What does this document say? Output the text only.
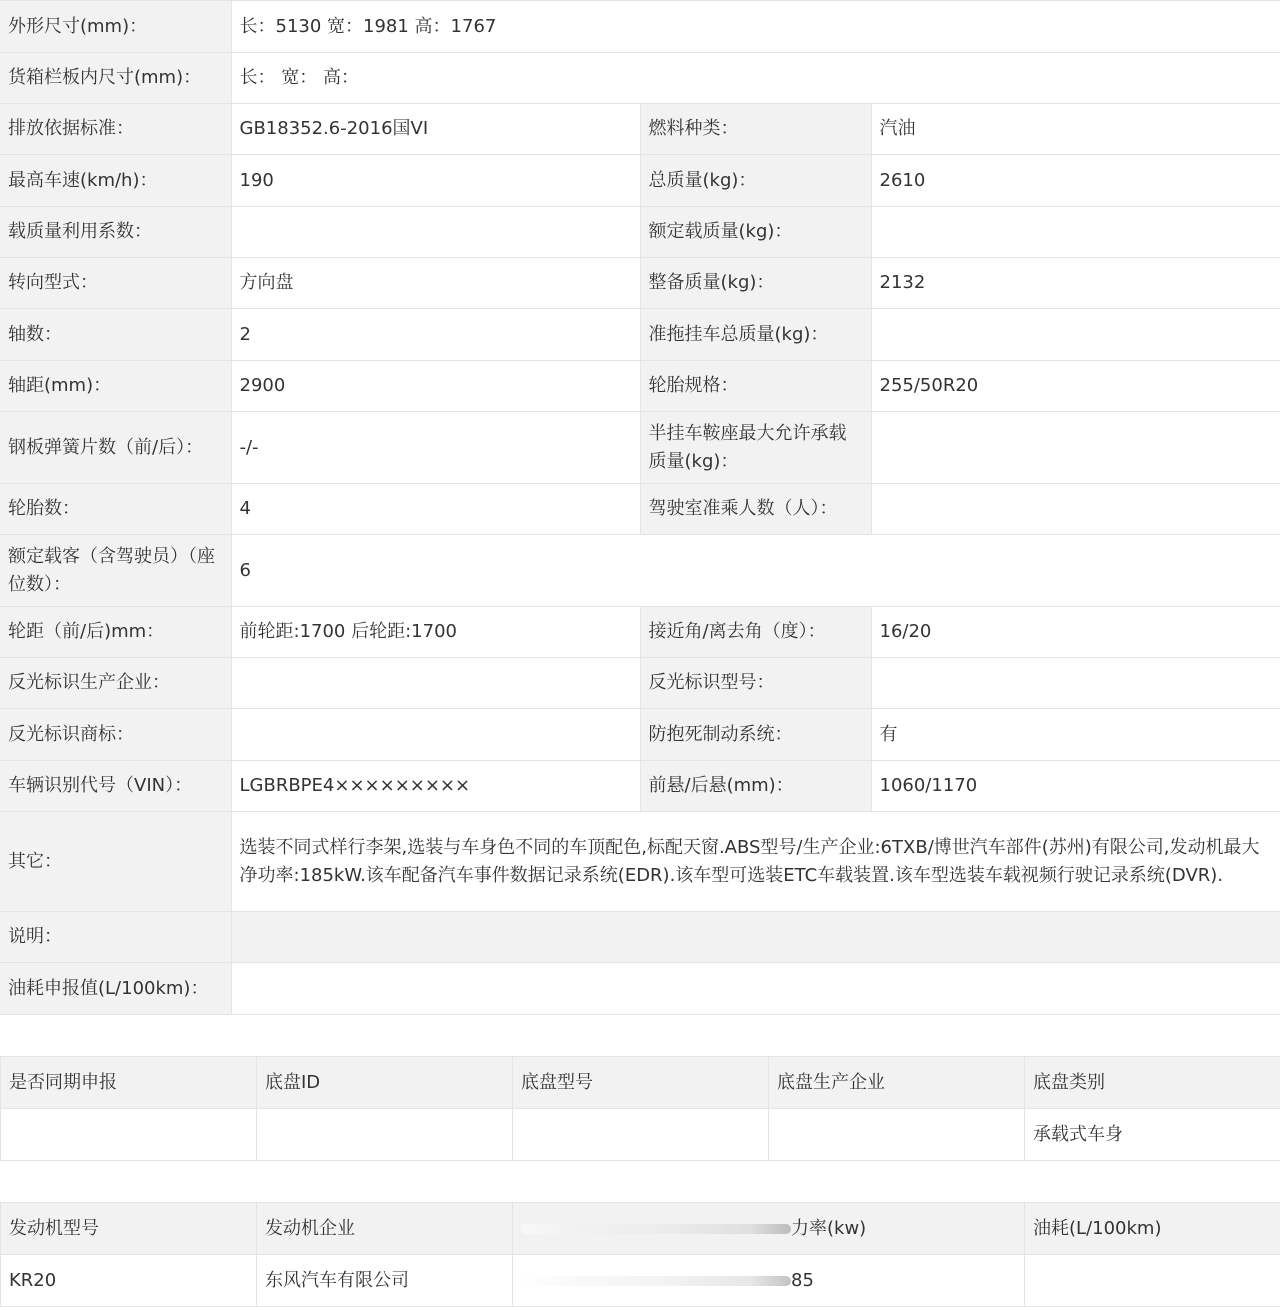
外形尺寸(mm)：	长：5130 宽：1981 高：1767		
货箱栏板内尺寸(mm)：	长： 宽： 高：		
排放依据标准：	GB18352.6-2016国VI	燃料种类：	汽油
最高车速(km/h)：	190	总质量(kg)：	2610
载质量利用系数：		额定载质量(kg)：	
转向型式：	方向盘	整备质量(kg)：	2132
轴数：	2	准拖挂车总质量(kg)：	
轴距(mm)：	2900	轮胎规格：	255/50R20
钢板弹簧片数（前/后）：	-/-	半挂车鞍座最大允许承载质量(kg)：	
轮胎数：	4	驾驶室准乘人数（人）：	
额定载客（含驾驶员）（座位数）：	6		
轮距（前/后)mm：	前轮距:1700 后轮距:1700	接近角/离去角（度）：	16/20
反光标识生产企业：		反光标识型号：	
反光标识商标：		防抱死制动系统：	有
车辆识别代号（VIN）：	LGBRBPE4×××××××××	前悬/后悬(mm)：	1060/1170
其它：	选装不同式样行李架,选装与车身色不同的车顶配色,标配天窗.ABS型号/生产企业:6TXB/博世汽车部件(苏州)有限公司,发动机最大净功率:185kW.该车配备汽车事件数据记录系统(EDR).该车型可选装ETC车载装置.该车型选装车载视频行驶记录系统(DVR).		
说明：			
油耗申报值(L/100km)：			
是否同期申报	底盘ID	底盘型号	底盘生产企业	底盘类别
				承载式车身
发动机型号	发动机企业	力率(kw)	油耗(L/100km)
KR20	东风汽车有限公司	85	
